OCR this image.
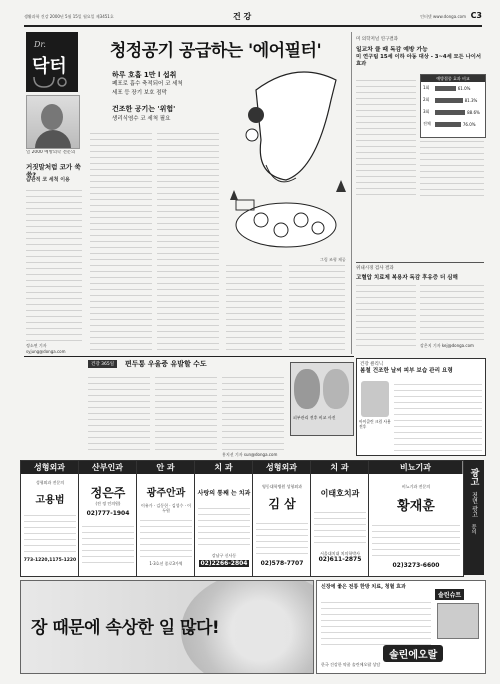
생활과학 건강 2000년 5월 15일 월요일 제3451호	건 강	인터넷 www.donga.com C3
Dr.
닥터
일 2000 예방의학 전문의
거짓말처럼 코가 쑥쑥?
습관적 코 세척 이용
정소연 기자 syjung@donga.com
청정공기 공급하는 '에어필터'
하루 호흡 1만 l 섭취
폐포로 흡수 축적되어 코 세척
세포 등 장기 보호 점막
건조한 공기는 '위험'
생리식염수 코 세척 필요
그림 조형 제공
미 의학저널 연구결과
일교차 클 때 독감 예방 가능
미 연구팀 15세 이하 아동 대상 - 3~4세 모든 나이서 효과
예방접종 효과 비교
1회	61.0%
2회	81.3%
3회	88.6%
전체	76.0%
위내시경 검사 결과
고혈압 치료제 복용자 독감 후유증 더 심해
강은지 기자 kej@donga.com
건강 365일	편두통 우울증 유발할 수도
홍지선 기자 sun@donga.com
피부관리 전후 비교 사진
건강 클리닉
봄철 건조한 날씨 피부 보습 관리 요령
아이클린 크림 사용 전후
성형외과
성형외과 전문의
고용범
773-1220,1175-1220
산부인과
정은주
(전 정 인의원)
02)777-1904
안 과
광주안과
이유가 · 김동헌 · 김성수 · 이두원
1·3호선 종로3가역
치 과
사랑의 통째 는 치과
강남구 신사동
02)2266-2804
성형외과
영동대학병원 성형외과
김 삼
02)578-7707
치 과
이태호치과
서울대치대 치의학박사
02)611-2875
비뇨기과
비뇨기과 전문의
황재훈
02)3273-6600
광고
전면 광고
문의
장 때문에 속상한 일 많다!
신장에 좋은 전통 한방 치료, 청혈 효과
솔린슈트
솔린에오랄
한국 건강한 약품 솔린에오랄 상담
